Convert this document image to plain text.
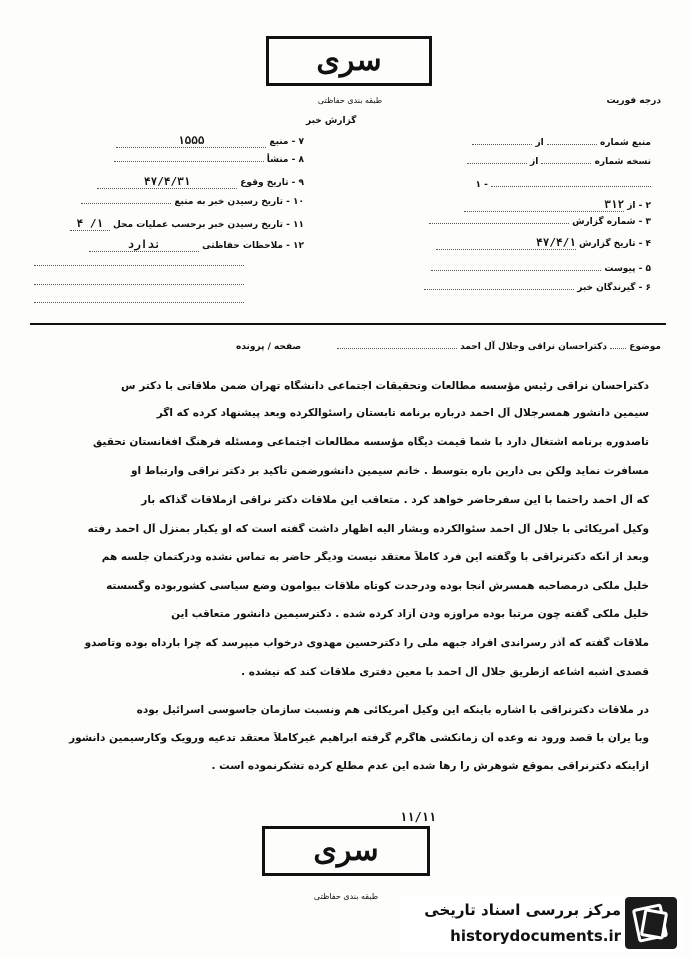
سری
طبقه بندی حفاظتی	درجه فوریت
گزارش خبر
منبع شماره  از
نسخه شماره  از
۱ -
۲ - از ۳۱۲
۳ - شماره گزارش
۴ - تاریخ گزارش ۴۷/۴/۱
۵ - پیوست
۶ - گیرندگان خبر
۷ - منبع ۱۵۵۵
۸ - منشأ
۹ - تاریخ وقوع ۴۷/۴/۳۱
۱۰ - تاریخ رسیدن خبر به منبع
۱۱ - تاریخ رسیدن خبر برحسب عملیات محل ۱/ ۴
۱۲ - ملاحظات حفاظتی ندارد
موضوع  دکتراحسان نراقی وجلال آل احمد
صفحه / پرونده
دکتراحسان نراقی رئیس مؤسسه مطالعات وتحقیقات اجتماعی دانشگاه تهران ضمن ملاقاتی با دکتر س
سیمین دانشور همسرجلال آل احمد درباره برنامه تابستان راسئوالکرده وبعد پیشنهاد کرده که اگر
تاصدوره برنامه اشتغال دارد با شما قیمت دیگاه مؤسسه مطالعات اجتماعی ومسئله فرهنگ افغانستان تحقیق
مسافرت نماید ولکن بی دارین باره بتوسط . خانم سیمین دانشورضمن تأکید بر دکتر نراقی وارتباط او
که آل احمد راحتماً با این سفرحاضر خواهد کرد . متعاقب این ملاقات دکتر نراقی ازملاقات گذاکه بار
وکیل آمریکائی با جلال آل احمد سئوالکرده وبشار الیه اظهار داشت گفته است که او یکبار بمنزل آل احمد رفته
وبعد از آنکه دکترنراقی با وگفته این فرد کاملاً معتقد نیست ودیگر حاضر به تماس نشده ودرکتمان جلسه هم
خلیل ملکی درمصاحبه همسرش آنجا بوده ودرحدت کوتاه ملاقات بیوامون وضع سیاسی کشوربوده وگسسته
خلیل ملکی گفته چون مرتباً بوده مراوزه ودن آزاد کرده شده . دکترسیمین دانشور متعاقب این
ملاقات گفته که آذر رسراندی افراد جبهه ملی را دکترحسین مهدوی درخواب میپرسد که چرا بارداه بوده وتاصدو
قصدی اشبه اشاعه ازطریق جلال آل احمد با معین دفتری ملاقات کند که نیشده .
در ملاقات دکترنراقی با اشاره باینکه این وکیل آمریکائی هم ونسبت سازمان جاسوسی اسرائیل بوده
وبا یران با قصد ورود نه وعده آن زمانکشی هاگرم گرفته ابراهیم غیرکاملاً معتقد تدعیه ورویک وکارسیمین دانشور
ازاینکه دکترنراقی بموقع شوهرش را رها شده این عدم مطلع کرده تشکرنموده است .
۱۱/۱۱
سری
طبقه بندی حفاظتی
مرکز بررسی اسناد تاریخی
historydocuments.ir
